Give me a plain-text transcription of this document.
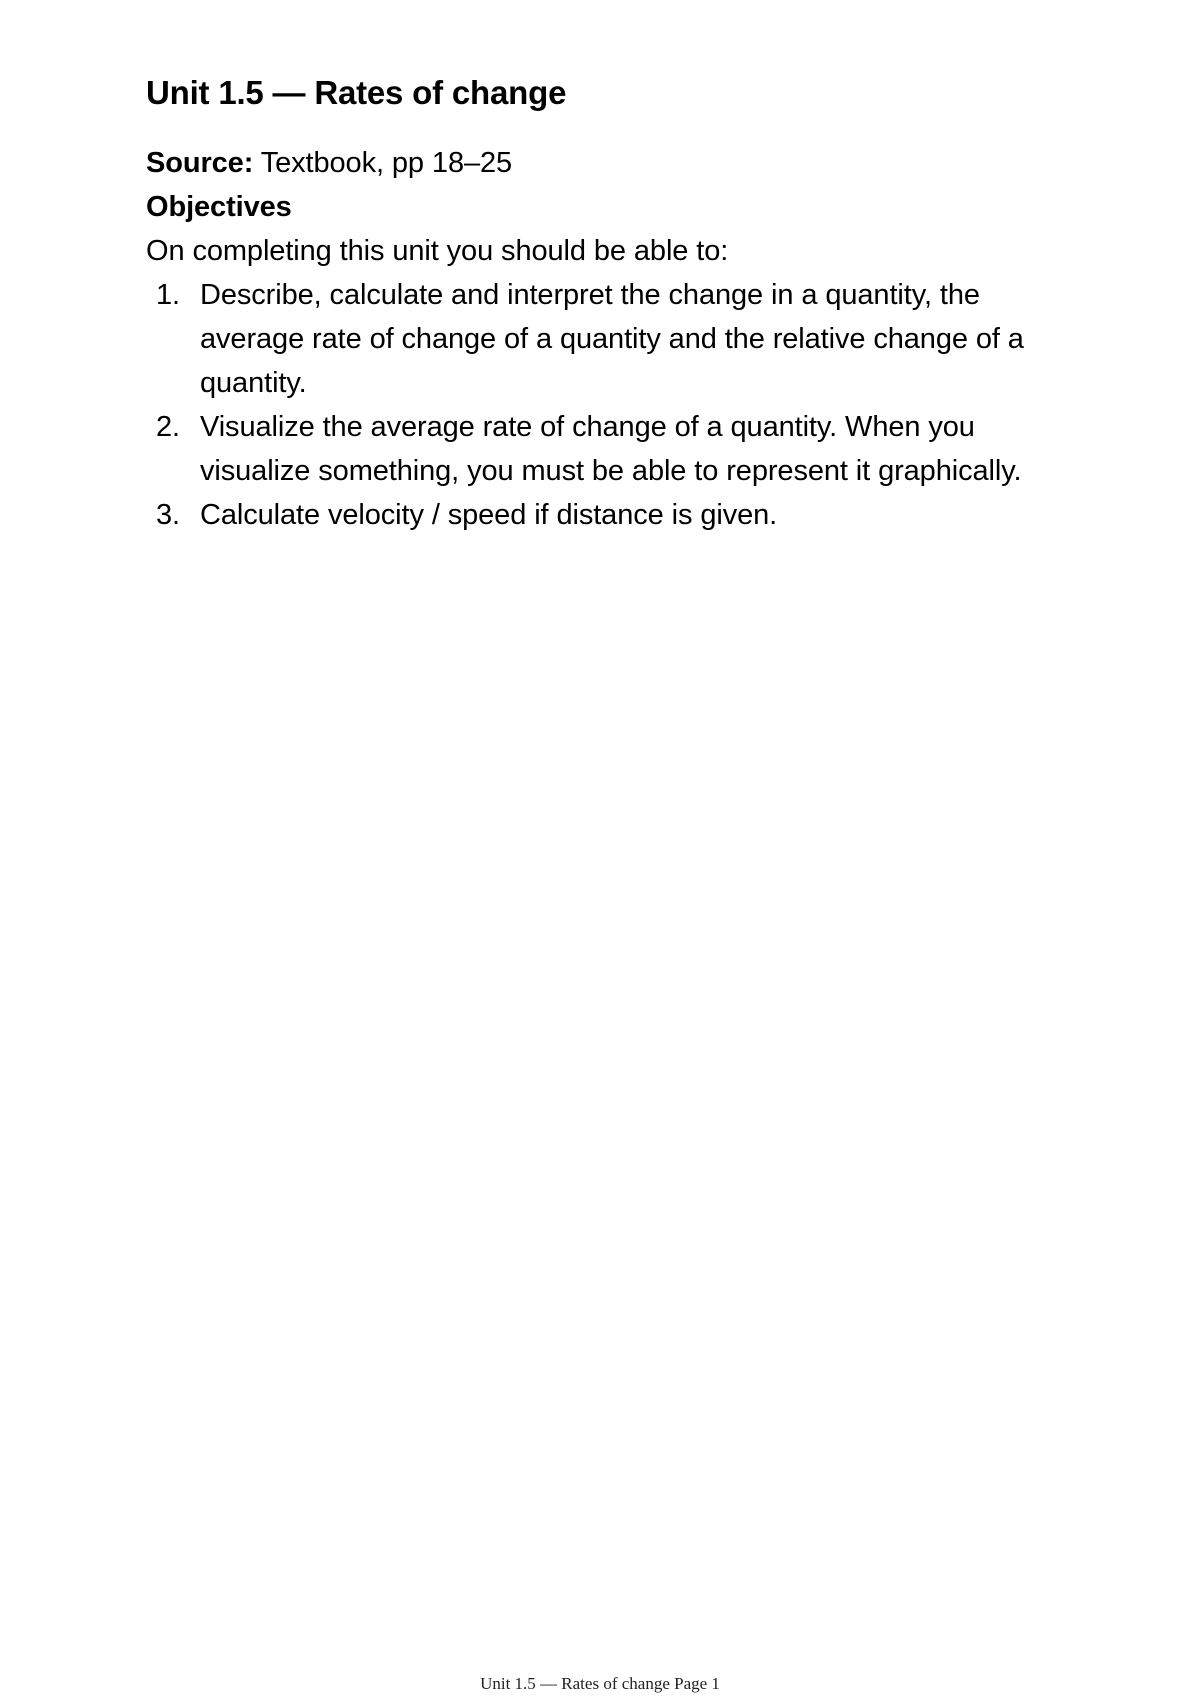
Unit 1.5 — Rates of change
Source: Textbook, pp 18–25
Objectives
On completing this unit you should be able to:
1. Describe, calculate and interpret the change in a quantity, the average rate of change of a quantity and the relative change of a quantity.
2. Visualize the average rate of change of a quantity. When you visualize something, you must be able to represent it graphically.
3. Calculate velocity / speed if distance is given.
Unit 1.5 — Rates of change Page 1
